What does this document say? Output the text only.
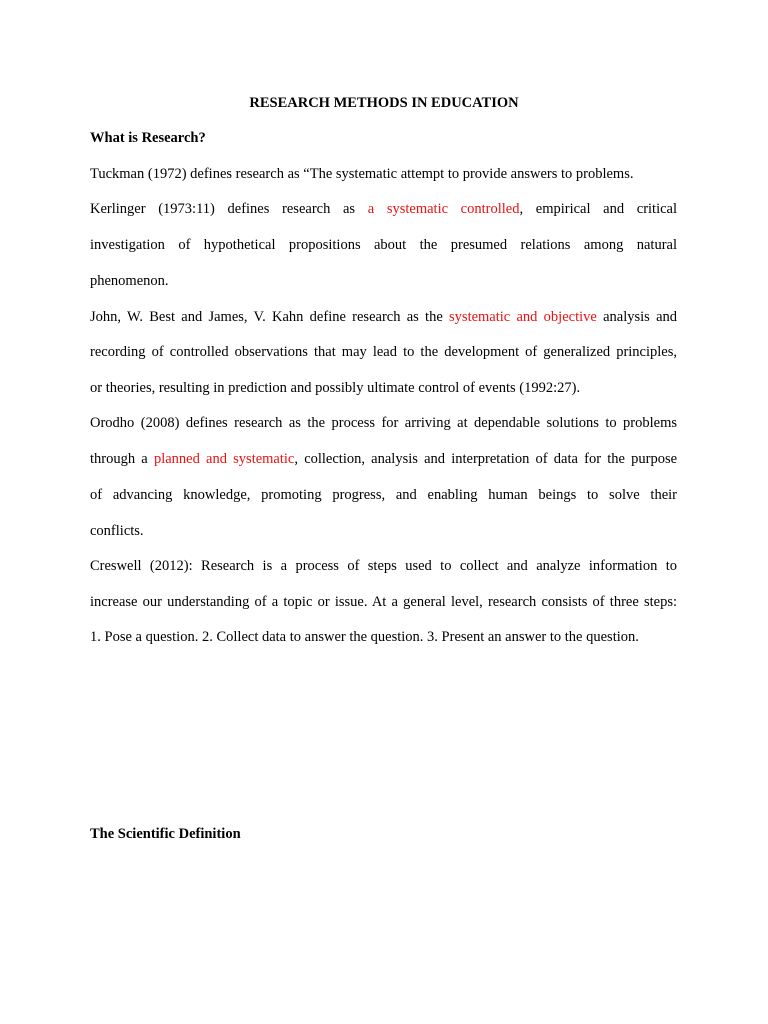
RESEARCH METHODS IN EDUCATION
What is Research?
Tuckman (1972) defines research as “The systematic attempt to provide answers to problems.
Kerlinger (1973:11) defines research as a systematic controlled, empirical and critical
investigation of hypothetical propositions about the presumed relations among natural
phenomenon.
John, W. Best and James, V. Kahn define research as the systematic and objective analysis and
recording of controlled observations that may lead to the development of generalized principles,
or theories, resulting in prediction and possibly ultimate control of events (1992:27).
Orodho (2008) defines research as the process for arriving at dependable solutions to problems
through a planned and systematic, collection, analysis and interpretation of data for the purpose
of advancing knowledge, promoting progress, and enabling human beings to solve their
conflicts.
Creswell (2012): Research is a process of steps used to collect and analyze information to
increase our understanding of a topic or issue. At a general level, research consists of three steps:
1. Pose a question. 2. Collect data to answer the question. 3. Present an answer to the question.
The Scientific Definition
